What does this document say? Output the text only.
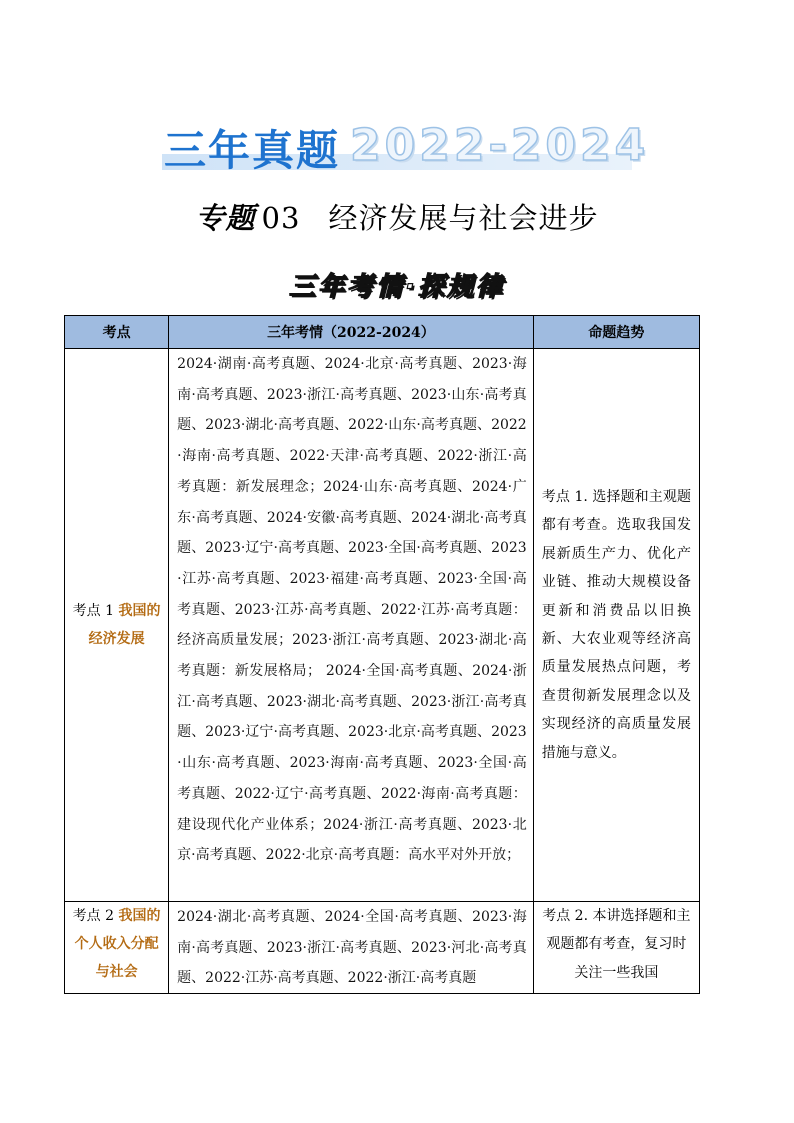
三年真题 2022-2024
专题 03 经济发展与社会进步
三年考情·探规律
考点	三年考情（2022-2024）	命题趋势
考点 1 我国的经济发展	2024·湖南·高考真题、2024·北京·高考真题、2023·海南·高考真题、2023·浙江·高考真题、2023·山东·高考真题、2023·湖北·高考真题、2022·山东·高考真题、2022·海南·高考真题、2022·天津·高考真题、2022·浙江·高考真题：新发展理念；2024·山东·高考真题、2024·广东·高考真题、2024·安徽·高考真题、2024·湖北·高考真题、2023·辽宁·高考真题、2023·全国·高考真题、2023·江苏·高考真题、2023·福建·高考真题、2023·全国·高考真题、2023·江苏·高考真题、2022·江苏·高考真题：经济高质量发展；2023·浙江·高考真题、2023·湖北·高考真题：新发展格局； 2024·全国·高考真题、2024·浙江·高考真题、2023·湖北·高考真题、2023·浙江·高考真题、2023·辽宁·高考真题、2023·北京·高考真题、2023·山东·高考真题、2023·海南·高考真题、2023·全国·高考真题、2022·辽宁·高考真题、2022·海南·高考真题：建设现代化产业体系；2024·浙江·高考真题、2023·北京·高考真题、2022·北京·高考真题：高水平对外开放；	考点 1. 选择题和主观题都有考查。选取我国发展新质生产力、优化产业链、推动大规模设备更新和消费品以旧换新、大农业观等经济高质量发展热点问题，考查贯彻新发展理念以及实现经济的高质量发展措施与意义。

考点 2 我国的个人收入分配与社会	2024·湖北·高考真题、2024·全国·高考真题、2023·海南·高考真题、2023·浙江·高考真题、2023·河北·高考真题、2022·江苏·高考真题、2022·浙江·高考真题	考点 2. 本讲选择题和主观题都有考查，复习时关注一些我国
